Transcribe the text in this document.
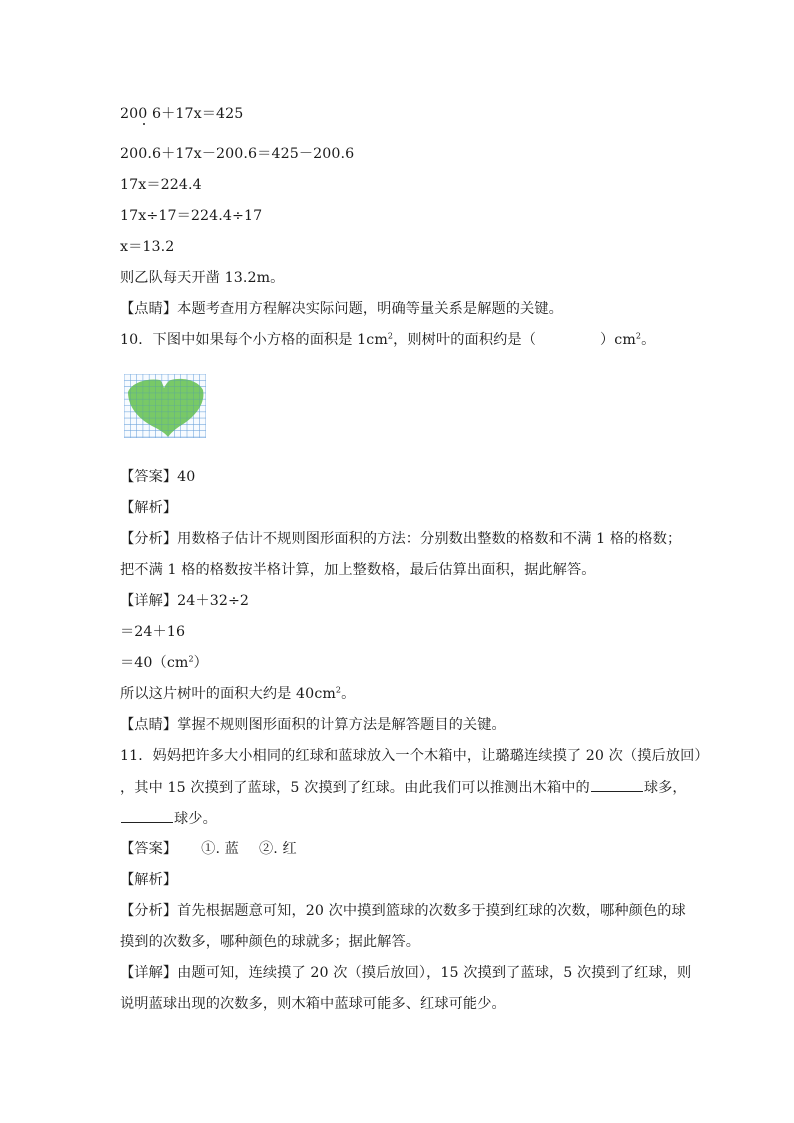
200 6＋17x＝425
200.6＋17x－200.6＝425－200.6
17x＝224.4
17x÷17＝224.4÷17
x＝13.2
则乙队每天开凿 13.2m。
【点睛】本题考查用方程解决实际问题，明确等量关系是解题的关键。
10．下图中如果每个小方格的面积是 $1cm^2$，则树叶的面积约是（	）$cm^2$。
【答案】40
【解析】
【分析】用数格子估计不规则图形面积的方法：分别数出整数的格数和不满 1 格的格数；
把不满 1 格的格数按半格计算，加上整数格，最后估算出面积，据此解答。
【详解】24＋32÷2
＝24＋16
$=40(cm^2)$
所以这片树叶的面积大约是 $40cm^2$。
【点睛】掌握不规则图形面积的计算方法是解答题目的关键。
11．妈妈把许多大小相同的红球和蓝球放入一个木箱中，让璐璐连续摸了 20 次（摸后放回）
，其中 15 次摸到了蓝球，5 次摸到了红球。由此我们可以推测出木箱中的	球多，
球少。
【答案】 ①. 蓝 ②. 红
【解析】
【分析】首先根据题意可知，20 次中摸到篮球的次数多于摸到红球的次数，哪种颜色的球
摸到的次数多，哪种颜色的球就多；据此解答。
【详解】由题可知，连续摸了 20 次（摸后放回），15 次摸到了蓝球，5 次摸到了红球，则
说明蓝球出现的次数多，则木箱中蓝球可能多、红球可能少。
